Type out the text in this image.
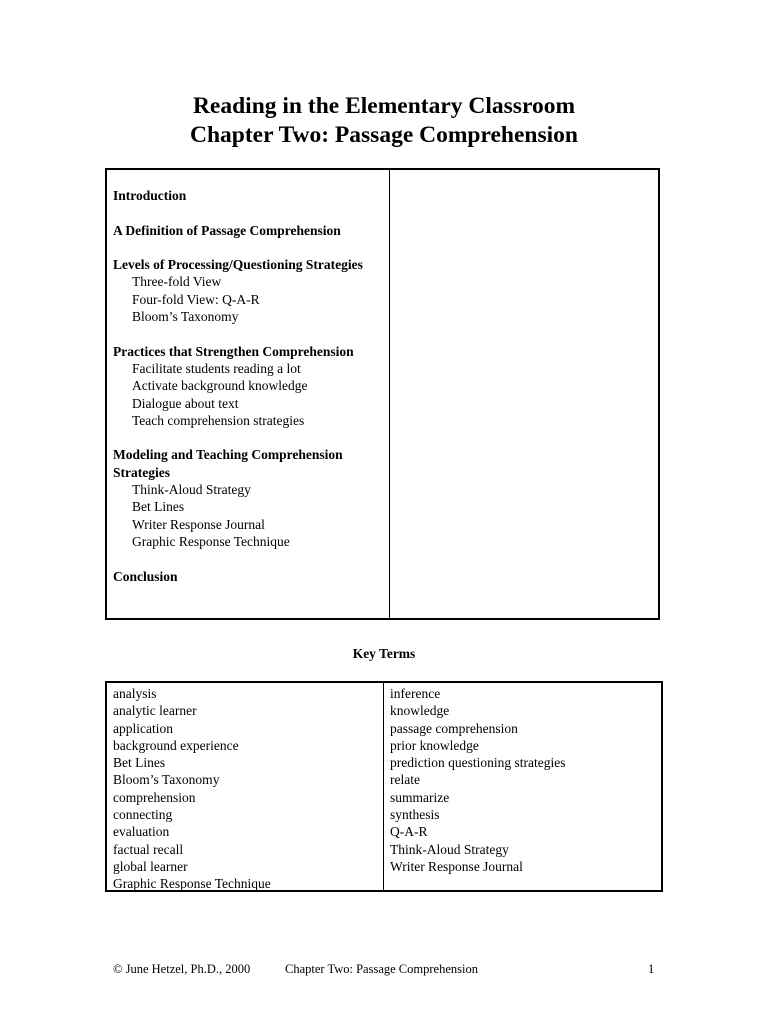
Reading in the Elementary Classroom
Chapter Two: Passage Comprehension
Introduction
A Definition of Passage Comprehension
Levels of Processing/Questioning Strategies
Three-fold View
Four-fold View: Q-A-R
Bloom’s Taxonomy
Practices that Strengthen Comprehension
Facilitate students reading a lot
Activate background knowledge
Dialogue about text
Teach comprehension strategies
Modeling and Teaching Comprehension Strategies
Think-Aloud Strategy
Bet Lines
Writer Response Journal
Graphic Response Technique
Conclusion
Key Terms
analysis
analytic learner
application
background experience
Bet Lines
Bloom’s Taxonomy
comprehension
connecting
evaluation
factual recall
global learner
Graphic Response Technique
inference
knowledge
passage comprehension
prior knowledge
prediction questioning strategies
relate
summarize
synthesis
Q-A-R
Think-Aloud Strategy
Writer Response Journal
© June Hetzel, Ph.D., 2000	Chapter Two: Passage Comprehension	1
